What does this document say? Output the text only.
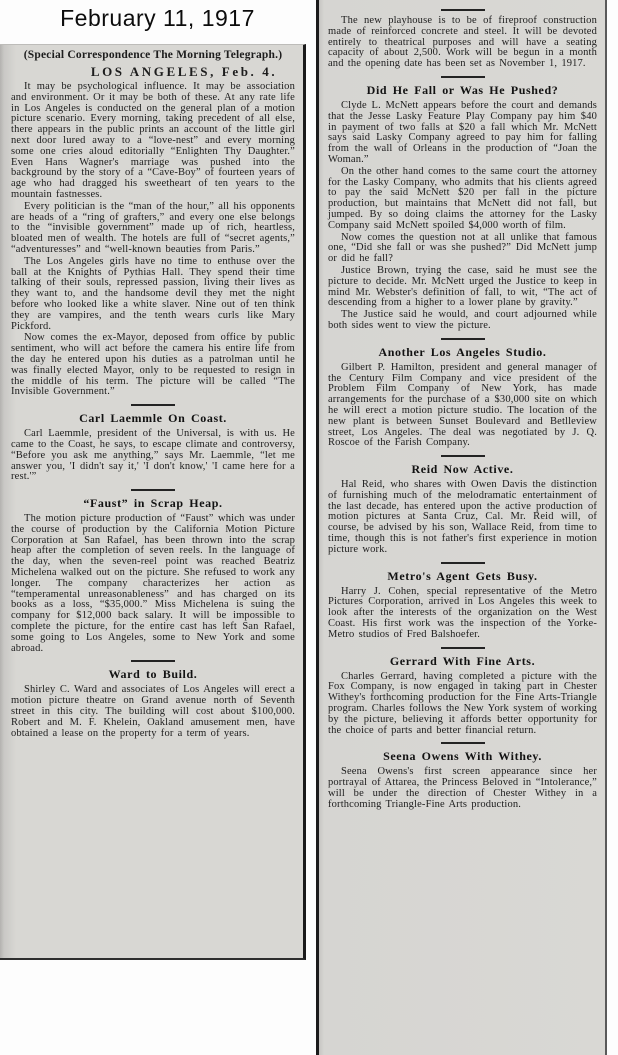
February 11, 1917
(Special Correspondence The Morning Telegraph.)
LOS ANGELES, Feb. 4.

It may be psychological influence. It may be association and environment. Or it may be both of these. At any rate life in Los Angeles is conducted on the general plan of a motion picture scenario. Every morning, taking precedent of all else, there appears in the public prints an account of the little girl next door lured away to a “love-nest” and every morning some one cries aloud editorially “Enlighten Thy Daughter.” Even Hans Wagner's marriage was pushed into the background by the story of a “Cave-Boy” of fourteen years of age who had dragged his sweetheart of ten years to the mountain fastnesses.

Every politician is the “man of the hour,” all his opponents are heads of a “ring of grafters,” and every one else belongs to the “invisible government” made up of rich, heartless, bloated men of wealth. The hotels are full of “secret agents,” “adventuresses” and “well-known beauties from Paris.”

The Los Angeles girls have no time to enthuse over the ball at the Knights of Pythias Hall. They spend their time talking of their souls, repressed passion, living their lives as they want to, and the handsome devil they met the night before who looked like a white slaver. Nine out of ten think they are vampires, and the tenth wears curls like Mary Pickford.

Now comes the ex-Mayor, deposed from office by public sentiment, who will act before the camera his entire life from the day he entered upon his duties as a patrolman until he was finally elected Mayor, only to be requested to resign in the middle of his term. The picture will be called “The Invisible Government.”

Carl Laemmle On Coast.

Carl Laemmle, president of the Universal, is with us. He came to the Coast, he says, to escape climate and controversy, “Before you ask me anything,” says Mr. Laemmle, “let me answer you, 'I didn't say it,' 'I don't know,' 'I came here for a rest.'”

“Faust” in Scrap Heap.

The motion picture production of “Faust” which was under the course of production by the California Motion Picture Corporation at San Rafael, has been thrown into the scrap heap after the completion of seven reels. In the language of the day, when the seven-reel point was reached Beatriz Michelena walked out on the picture. She refused to work any longer. The company characterizes her action as “temperamental unreasonableness” and has charged on its books as a loss, “$35,000.” Miss Michelena is suing the company for $12,000 back salary. It will be impossible to complete the picture, for the entire cast has left San Rafael, some going to Los Angeles, some to New York and some abroad.

Ward to Build.

Shirley C. Ward and associates of Los Angeles will erect a motion picture theatre on Grand avenue north of Seventh street in this city. The building will cost about $100,000. Robert and M. F. Khelein, Oakland amusement men, have obtained a lease on the property for a term of years.

The new playhouse is to be of fireproof construction made of reinforced concrete and steel. It will be devoted entirely to theatrical purposes and will have a seating capacity of about 2,500. Work will be begun in a month and the opening date has been set as November 1, 1917.

Did He Fall or Was He Pushed?

Clyde L. McNett appears before the court and demands that the Jesse Lasky Feature Play Company pay him $40 in payment of two falls at $20 a fall which Mr. McNett says said Lasky Company agreed to pay him for falling from the wall of Orleans in the production of “Joan the Woman.”

On the other hand comes to the same court the attorney for the Lasky Company, who admits that his clients agreed to pay the said McNett $20 per fall in the picture production, but maintains that McNett did not fall, but jumped. By so doing claims the attorney for the Lasky Company said McNett spoiled $4,000 worth of film.

Now comes the question not at all unlike that famous one, “Did she fall or was she pushed?” Did McNett jump or did he fall?

Justice Brown, trying the case, said he must see the picture to decide. Mr. McNett urged the Justice to keep in mind Mr. Webster's definition of fall, to wit, “The act of descending from a higher to a lower plane by gravity.”

The Justice said he would, and court adjourned while both sides went to view the picture.

Another Los Angeles Studio.

Gilbert P. Hamilton, president and general manager of the Century Film Company and vice president of the Problem Film Company of New York, has made arrangements for the purchase of a $30,000 site on which he will erect a motion picture studio. The location of the new plant is between Sunset Boulevard and Betlleview street, Los Angeles. The deal was negotiated by J. Q. Roscoe of the Farish Company.

Reid Now Active.

Hal Reid, who shares with Owen Davis the distinction of furnishing much of the melodramatic entertainment of the last decade, has entered upon the active production of motion pictures at Santa Cruz, Cal. Mr. Reid will, of course, be advised by his son, Wallace Reid, from time to time, though this is not father's first experience in motion picture work.

Metro's Agent Gets Busy.

Harry J. Cohen, special representative of the Metro Pictures Corporation, arrived in Los Angeles this week to look after the interests of the organization on the West Coast. His first work was the inspection of the Yorke-Metro studios of Fred Balshoefer.

Gerrard With Fine Arts.

Charles Gerrard, having completed a picture with the Fox Company, is now engaged in taking part in Chester Withey's forthcoming production for the Fine Arts-Triangle program. Charles follows the New York system of working by the picture, believing it affords better opportunity for the choice of parts and better financial return.

Seena Owens With Withey.

Seena Owens's first screen appearance since her portrayal of Attarea, the Princess Beloved in “Intolerance,” will be under the direction of Chester Withey in a forthcoming Triangle-Fine Arts production.
